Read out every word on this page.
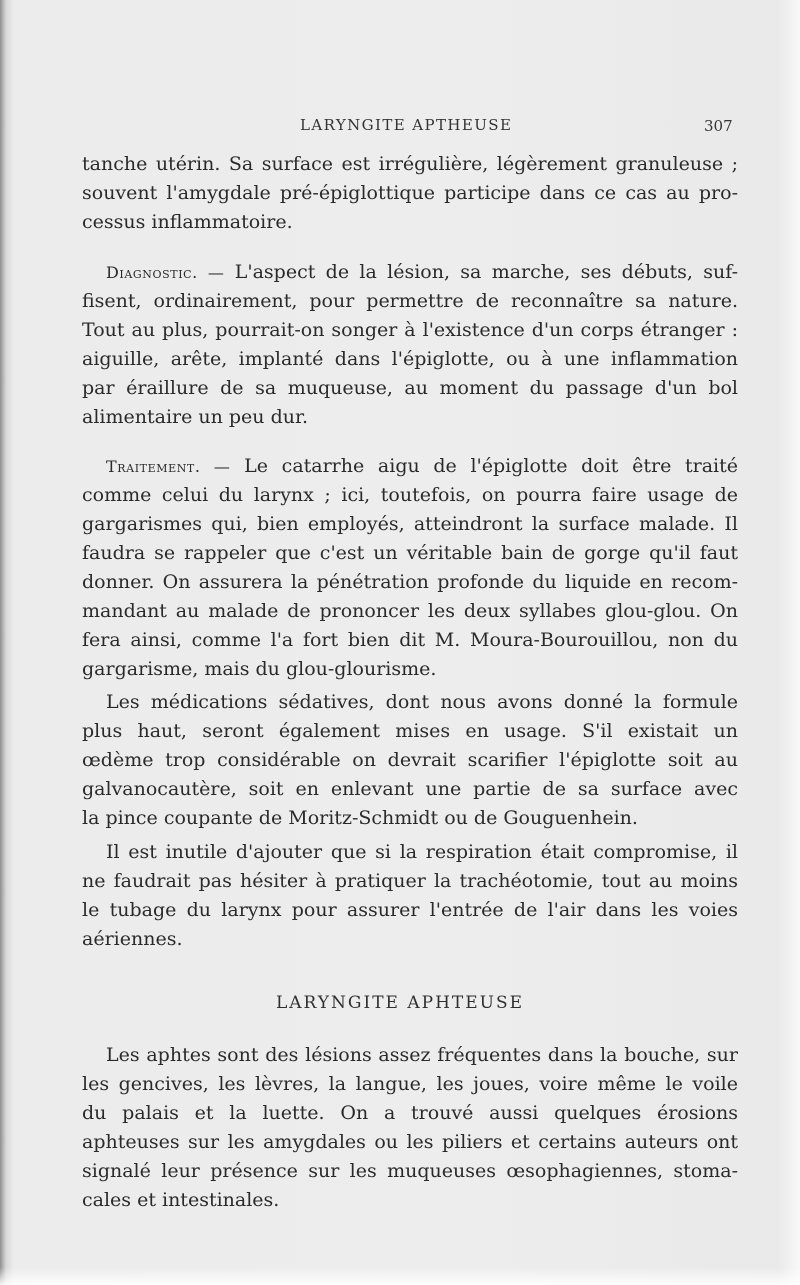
LARYNGITE APTHEUSE	307
tanche utérin. Sa surface est irrégulière, légèrement granuleuse ;
souvent l'amygdale pré-épiglottique participe dans ce cas au pro-
cessus inflammatoire.
Diagnostic. — L'aspect de la lésion, sa marche, ses débuts, suf-
fisent, ordinairement, pour permettre de reconnaître sa nature.
Tout au plus, pourrait-on songer à l'existence d'un corps étranger :
aiguille, arête, implanté dans l'épiglotte, ou à une inflammation
par éraillure de sa muqueuse, au moment du passage d'un bol
alimentaire un peu dur.
Traitement. — Le catarrhe aigu de l'épiglotte doit être traité
comme celui du larynx ; ici, toutefois, on pourra faire usage de
gargarismes qui, bien employés, atteindront la surface malade. Il
faudra se rappeler que c'est un véritable bain de gorge qu'il faut
donner. On assurera la pénétration profonde du liquide en recom-
mandant au malade de prononcer les deux syllabes glou-glou. On
fera ainsi, comme l'a fort bien dit M. Moura-Bourouillou, non du
gargarisme, mais du glou-glourisme.
Les médications sédatives, dont nous avons donné la formule
plus haut, seront également mises en usage. S'il existait un
œdème trop considérable on devrait scarifier l'épiglotte soit au
galvanocautère, soit en enlevant une partie de sa surface avec
la pince coupante de Moritz-Schmidt ou de Gouguenhein.
Il est inutile d'ajouter que si la respiration était compromise, il
ne faudrait pas hésiter à pratiquer la trachéotomie, tout au moins
le tubage du larynx pour assurer l'entrée de l'air dans les voies
aériennes.
LARYNGITE APHTEUSE
Les aphtes sont des lésions assez fréquentes dans la bouche, sur
les gencives, les lèvres, la langue, les joues, voire même le voile
du palais et la luette. On a trouvé aussi quelques érosions
aphteuses sur les amygdales ou les piliers et certains auteurs ont
signalé leur présence sur les muqueuses œsophagiennes, stoma-
cales et intestinales.
